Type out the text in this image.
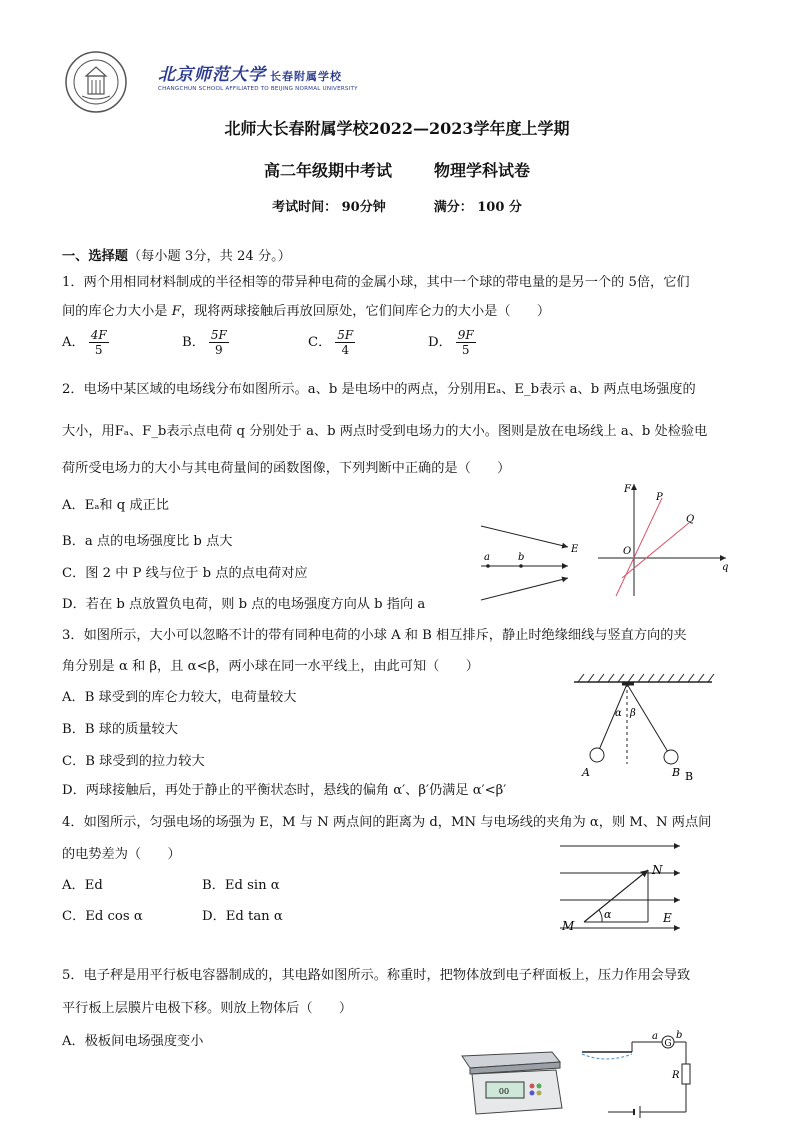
北京师范大学 长春附属学校
CHANGCHUN SCHOOL AFFILIATED TO BEIJING NORMAL UNIVERSITY
北师大长春附属学校2022—2023学年度上学期
高二年级期中考试	物理学科试卷
考试时间： 90分钟	满分： 100 分
一、选择题（每小题 3分，共 24 分。）
1．两个用相同材料制成的半径相等的带异种电荷的金属小球，其中一个球的带电量的是另一个的 5倍，它们
间的库仑力大小是 F，现将两球接触后再放回原处，它们间库仑力的大小是（　　）
A． $\frac{4F}{5}$	B． $\frac{5F}{9}$	C． $\frac{5F}{4}$	D． $\frac{9F}{5}$
2．电场中某区域的电场线分布如图所示。a、b 是电场中的两点，分别用Eₐ、E_b表示 a、b 两点电场强度的
大小，用Fₐ、F_b表示点电荷 q 分别处于 a、b 两点时受到电场力的大小。图则是放在电场线上 a、b 处检验电
荷所受电场力的大小与其电荷量间的函数图像，下列判断中正确的是（　　）
A．Eₐ和 q 成正比
B．a 点的电场强度比 b 点大
C．图 2 中 P 线与位于 b 点的点电荷对应
D．若在 b 点放置负电荷，则 b 点的电场强度方向从 b 指向 a
a	b
E
F
q
O
P
Q
3．如图所示，大小可以忽略不计的带有同种电荷的小球 A 和 B 相互排斥，静止时绝缘细线与竖直方向的夹
角分别是 α 和 β，且 α<β，两小球在同一水平线上，由此可知（　　）
A．B 球受到的库仑力较大，电荷量较大
B．B 球的质量较大
C．B 球受到的拉力较大
D．两球接触后，再处于静止的平衡状态时，悬线的偏角 α′、β′仍满足 α′<β′
α β
A	B B
4．如图所示，匀强电场的场强为 E，M 与 N 两点间的距离为 d，MN 与电场线的夹角为 α，则 M、N 两点间
的电势差为（　　）
A．Ed	B．Ed sin α
C．Ed cos α	D．Ed tan α
M
N
E
α
5．电子秤是用平行板电容器制成的，其电路如图所示。称重时，把物体放到电子秤面板上，压力作用会导致
平行板上层膜片电极下移。则放上物体后（　　）
A．极板间电场强度变小
00
G
a b
R
